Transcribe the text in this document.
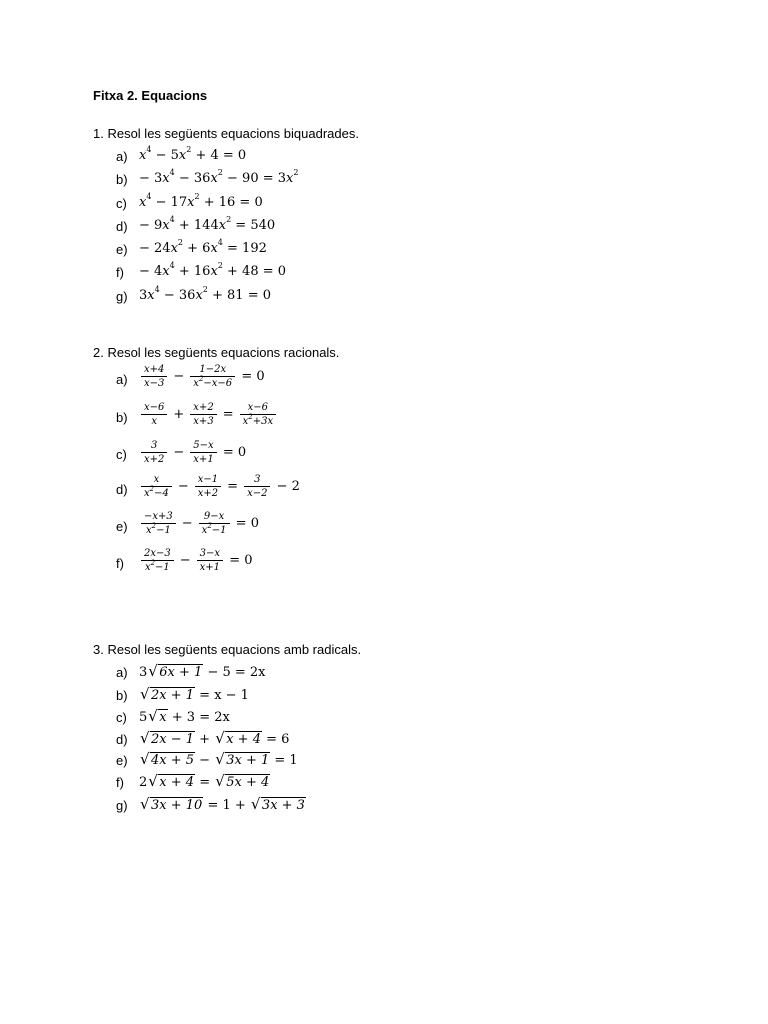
Fitxa 2. Equacions
1. Resol les següents equacions biquadrades.
a) $x^4 - 5x^2 + 4 = 0$
$b) - 3x^4 - 36x^2 - 90 = 3x^2$
c) $x^4 - 17x^2 + 16 = 0$
$d) - 9x^4 + 144x^2 = 540$
$e) - 24x^2 + 6x^4 = 192$
$f) - 4x^4 + 16x^2 + 48 = 0$
g) $3x^4 - 36x^2 + 81 = 0$
2. Resol les següents equacions racionals.
$a) \frac{x+4}{x-3} - \frac{1-2x}{x^2-x-6} = 0$
$b) \frac{x-6}{x} + \frac{x+2}{x+3} = \frac{x-6}{x^2+3x}$
$c) \frac{3}{x+2} - \frac{5-x}{x+1} = 0$
$d) \frac{x}{x^2-4} - \frac{x-1}{x+2} = \frac{3}{x-2} - 2$
$e) \frac{-x+3}{x^2-1} - \frac{9-x}{x^2-1} = 0$
$f) \frac{2x-3}{x^2-1} - \frac{3-x}{x+1} = 0$
3. Resol les següents equacions amb radicals.
a) 3 √ 6x + 1 − 5 = 2x
b) √ 2x + 1 = x − 1
c) 5 √ x + 3 = 2x
d) √ 2x − 1 + √ x + 4 = 6
e) √ 4x + 5 − √ 3x + 1 = 1
f) 2 √ x + 4 = √ 5x + 4
g) √ 3x + 10 = 1 + √ 3x + 3
